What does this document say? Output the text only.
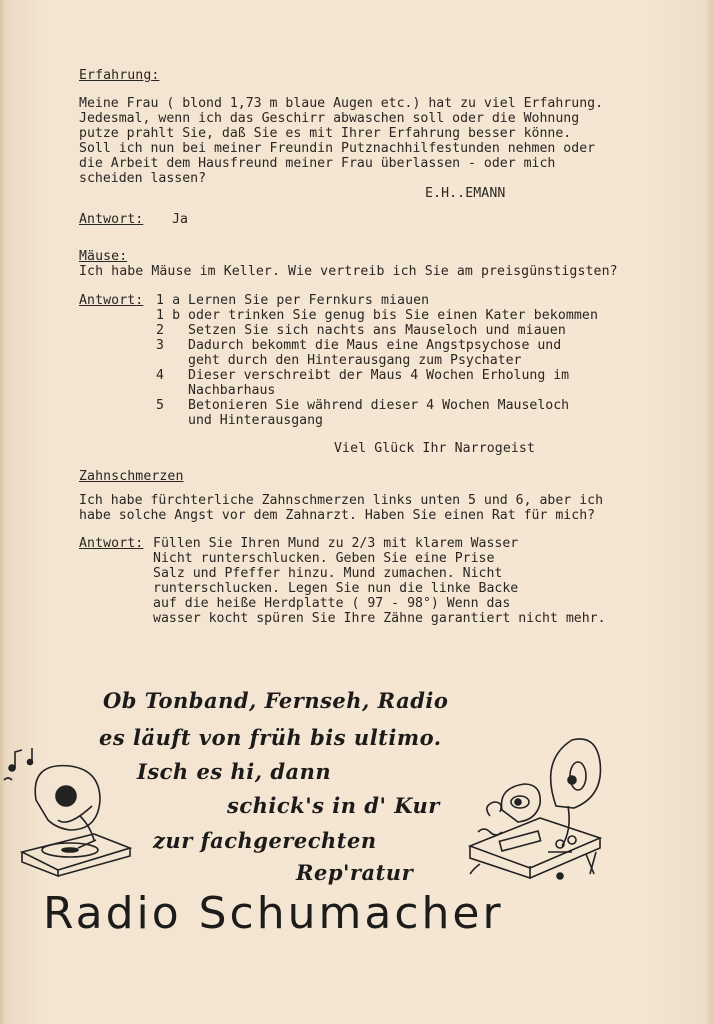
Erfahrung:
Meine Frau ( blond 1,73 m blaue Augen etc.) hat zu viel Erfahrung.
Jedesmal, wenn ich das Geschirr abwaschen soll oder die Wohnung
putze prahlt Sie, daß Sie es mit Ihrer Erfahrung besser könne.
Soll ich nun bei meiner Freundin Putznachhilfestunden nehmen oder
die Arbeit dem Hausfreund meiner Frau überlassen - oder mich
scheiden lassen?
E.H..EMANN
Antwort: Ja
Mäuse:
Ich habe Mäuse im Keller. Wie vertreib ich Sie am preisgünstigsten?
Antwort: 1 a Lernen Sie per Fernkurs miauen
1 b oder trinken Sie genug bis Sie einen Kater bekommen
2 Setzen Sie sich nachts ans Mauseloch und miauen
3 Dadurch bekommt die Maus eine Angstpsychose und
geht durch den Hinterausgang zum Psychater
4 Dieser verschreibt der Maus 4 Wochen Erholung im
Nachbarhaus
5 Betonieren Sie während dieser 4 Wochen Mauseloch
und Hinterausgang
Viel Glück Ihr Narrogeist
Zahnschmerzen
Ich habe fürchterliche Zahnschmerzen links unten 5 und 6, aber ich
habe solche Angst vor dem Zahnarzt. Haben Sie einen Rat für mich?
Antwort: Füllen Sie Ihren Mund zu 2/3 mit klarem Wasser
Nicht runterschlucken. Geben Sie eine Prise
Salz und Pfeffer hinzu. Mund zumachen. Nicht
runterschlucken. Legen Sie nun die linke Backe
auf die heiße Herdplatte ( 97 - 98°) Wenn das
wasser kocht spüren Sie Ihre Zähne garantiert nicht mehr.
Ob Tonband, Fernseh, Radio
es läuft von früh bis ultimo.
Isch es hi, dann
schick's in d' Kur
zur fachgerechten
Rep'ratur
Radio Schumacher
